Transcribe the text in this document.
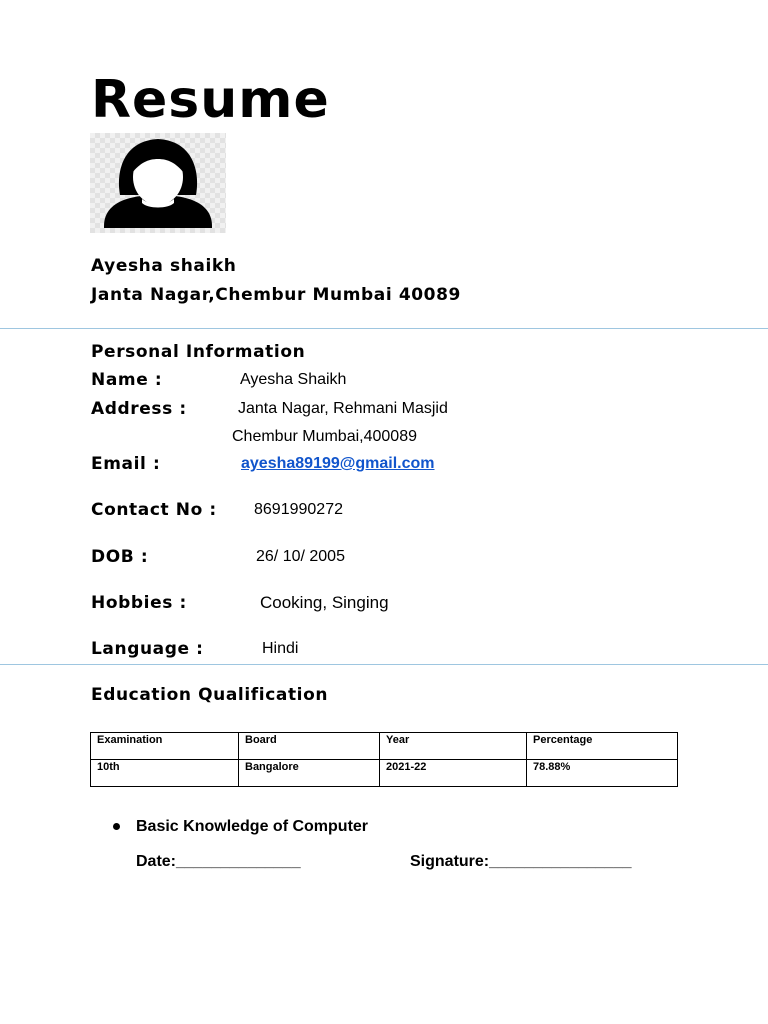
Resume
Ayesha shaikh
Janta Nagar,Chembur Mumbai 40089
Personal Information
Name :	Ayesha Shaikh
Address :	Janta Nagar, Rehmani Masjid
Chembur Mumbai,400089
Email :	ayesha89199@gmail.com
Contact No : 8691990272
DOB :	26/ 10/ 2005
Hobbies :	Cooking, Singing
Language :	Hindi
Education Qualification
Examination	Board	Year	Percentage
10th	Bangalore	2021-22	78.88%
Basic Knowledge of Computer
Date:______________	Signature:________________
